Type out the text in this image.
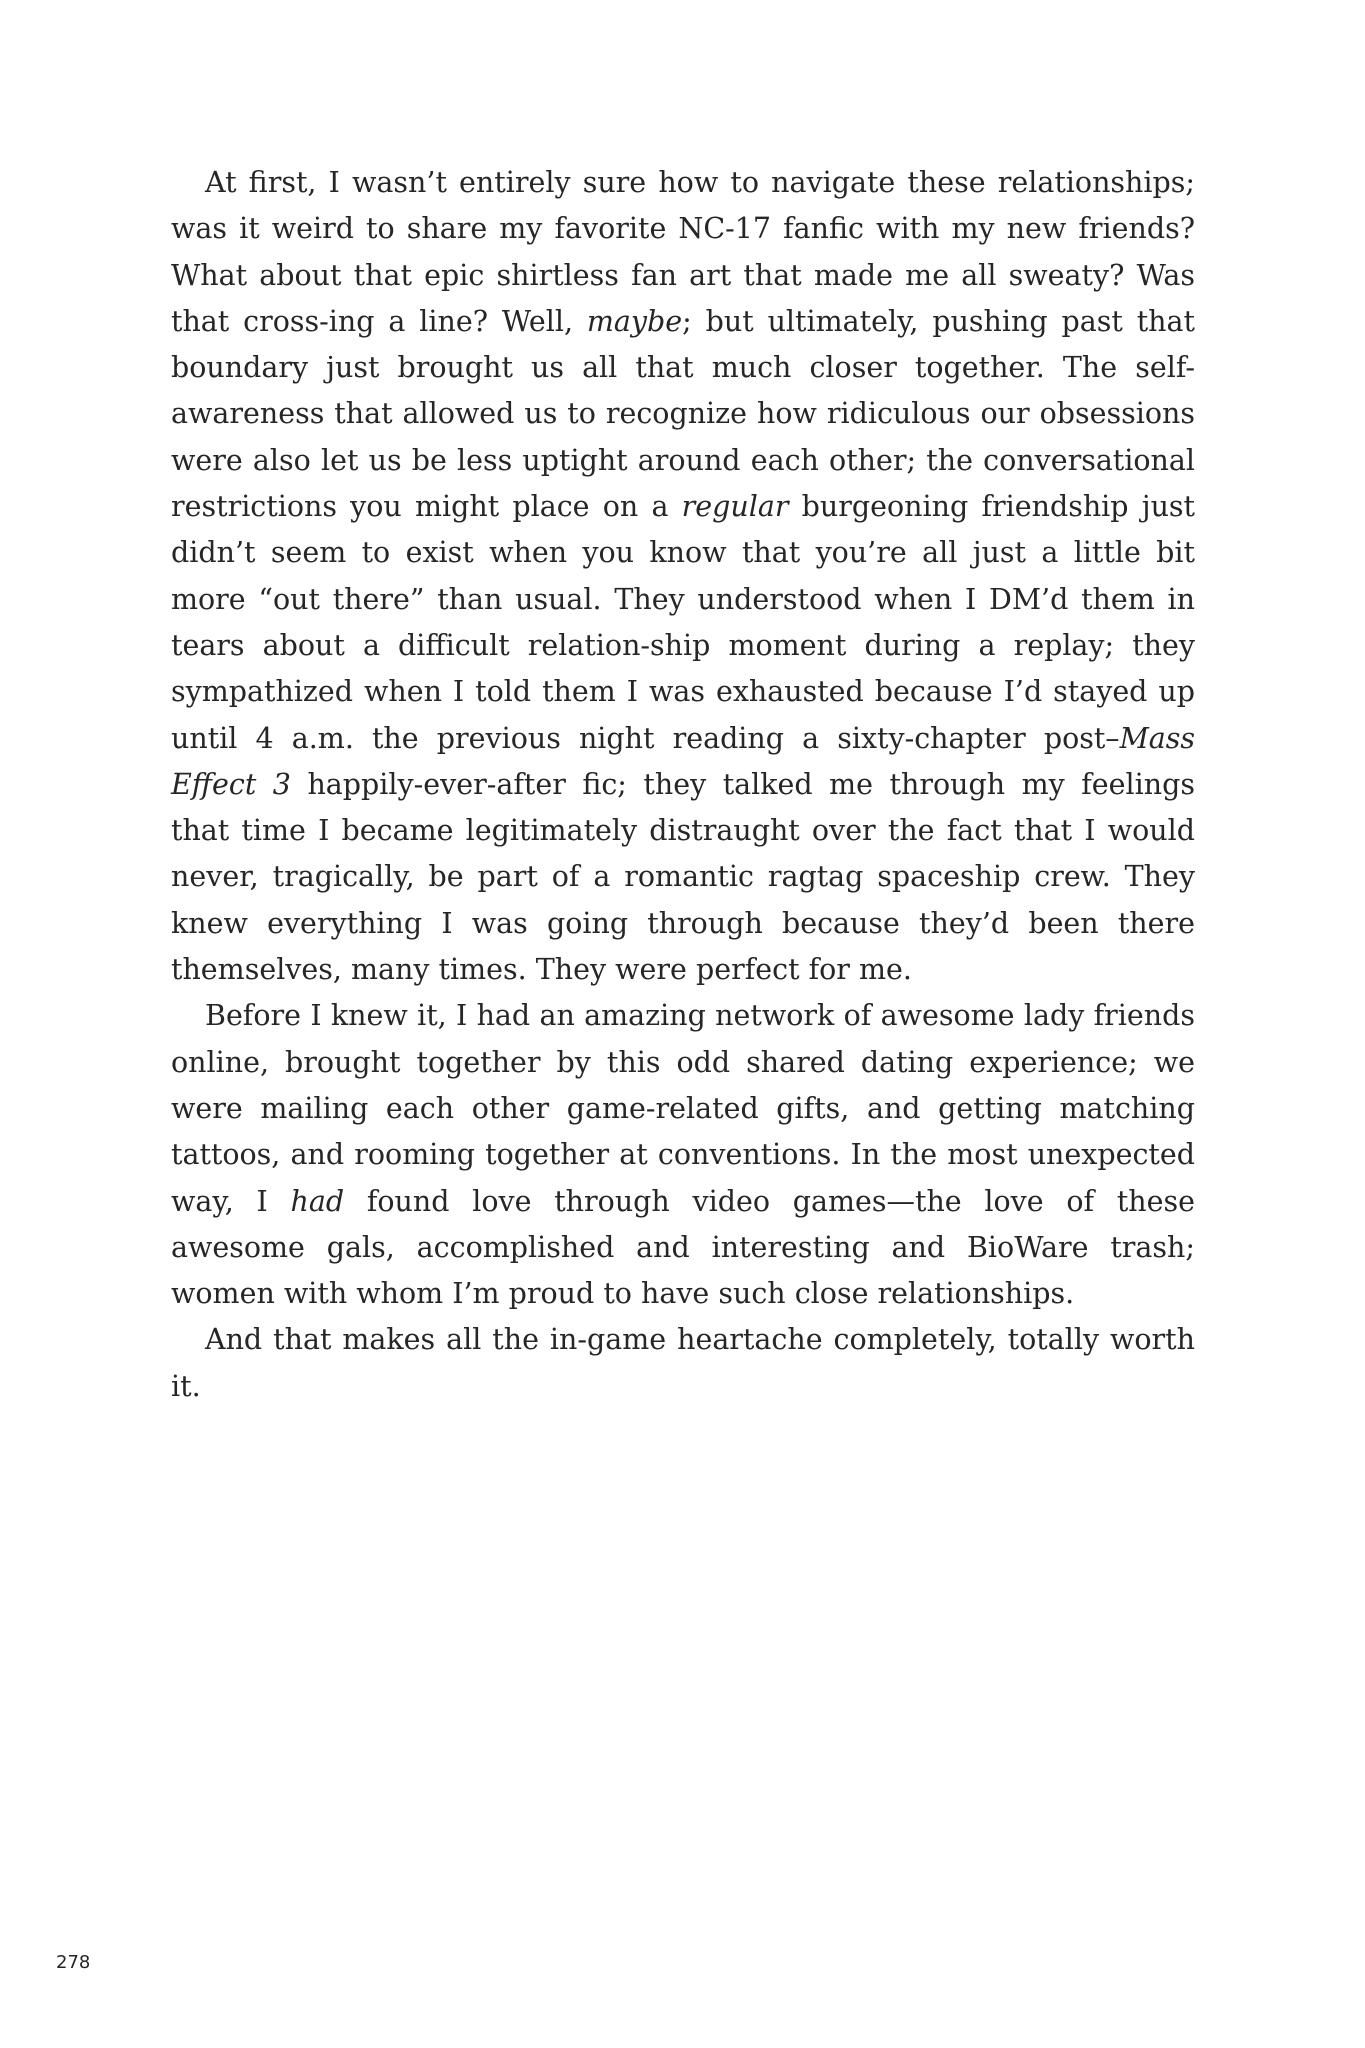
At first, I wasn’t entirely sure how to navigate these relationships; was it weird to share my favorite NC-17 fanfic with my new friends? What about that epic shirtless fan art that made me all sweaty? Was that cross-ing a line? Well, maybe; but ultimately, pushing past that boundary just brought us all that much closer together. The self-awareness that allowed us to recognize how ridiculous our obsessions were also let us be less uptight around each other; the conversational restrictions you might place on a regular burgeoning friendship just didn’t seem to exist when you know that you’re all just a little bit more “out there” than usual. They understood when I DM’d them in tears about a difficult relation-ship moment during a replay; they sympathized when I told them I was exhausted because I’d stayed up until 4 a.m. the previous night reading a sixty-chapter post–Mass Effect 3 happily-ever-after fic; they talked me through my feelings that time I became legitimately distraught over the fact that I would never, tragically, be part of a romantic ragtag spaceship crew. They knew everything I was going through because they’d been there themselves, many times. They were perfect for me.

Before I knew it, I had an amazing network of awesome lady friends online, brought together by this odd shared dating experience; we were mailing each other game-related gifts, and getting matching tattoos, and rooming together at conventions. In the most unexpected way, I had found love through video games—the love of these awesome gals, accomplished and interesting and BioWare trash; women with whom I’m proud to have such close relationships.

And that makes all the in-game heartache completely, totally worth it.

278
